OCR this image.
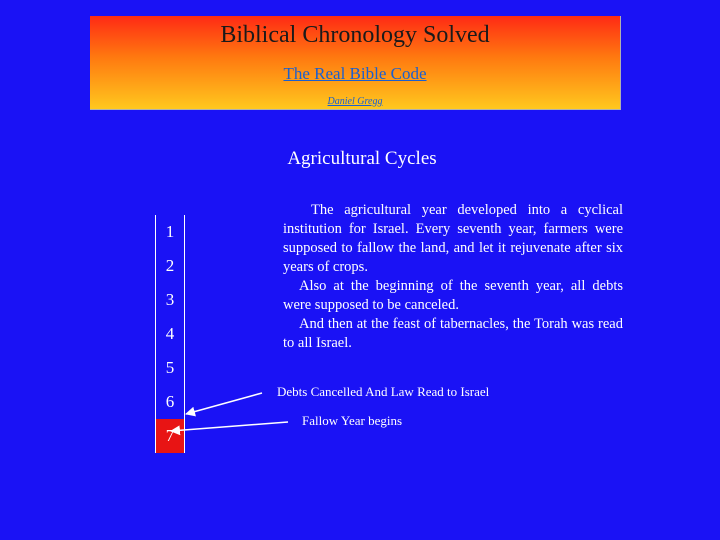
Biblical Chronology Solved
The Real Bible Code
Daniel Gregg
Agricultural Cycles
1
2
3
4
5
6
7

The agricultural year developed into a cyclical institution for Israel. Every seventh year, farmers were supposed to fallow the land, and let it rejuvenate after six years of crops.

Also at the beginning of the seventh year, all debts were supposed to be canceled.

And then at the feast of tabernacles, the Torah was read to all Israel.

Debts Cancelled And Law Read to Israel
Fallow Year begins
